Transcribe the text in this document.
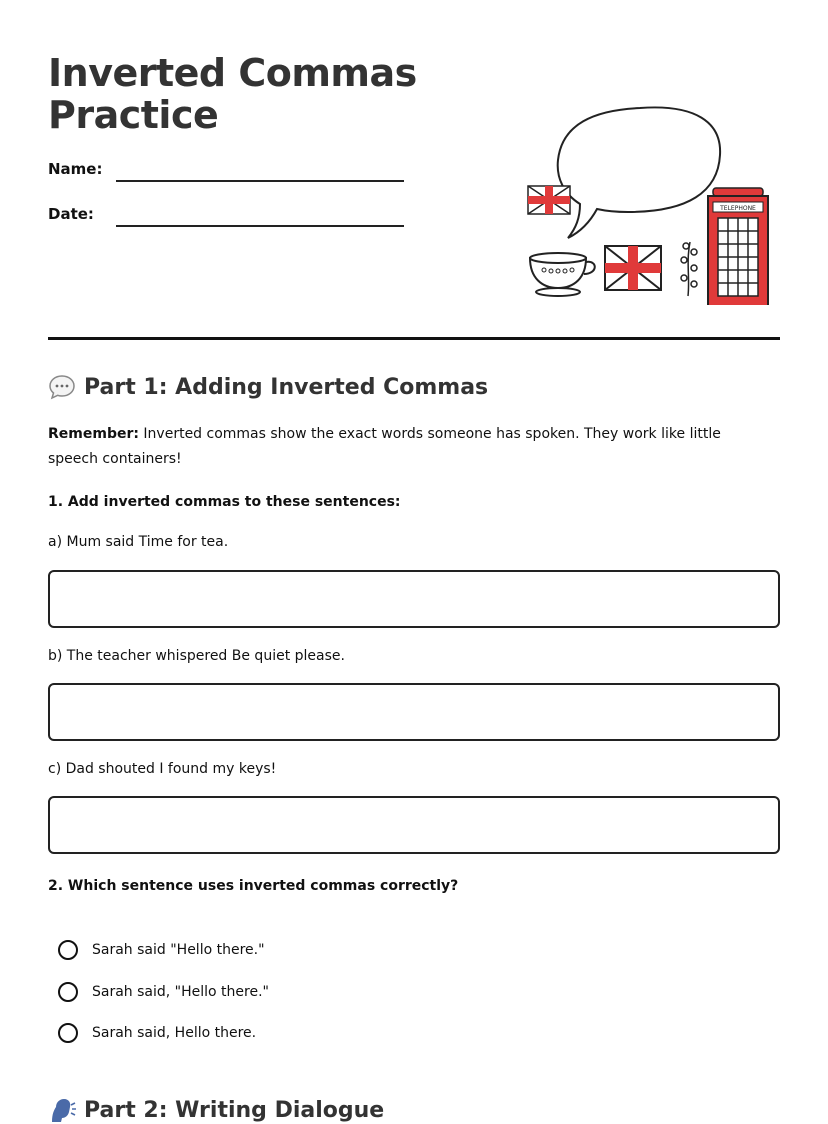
Inverted Commas Practice
Name:
Date:	TELEPHONE
Part 1: Adding Inverted Commas

Remember: Inverted commas show the exact words someone has spoken. They work like little speech containers!

1. Add inverted commas to these sentences:

a) Mum said Time for tea.

b) The teacher whispered Be quiet please.

c) Dad shouted I found my keys!

2. Which sentence uses inverted commas correctly?

Sarah said "Hello there."
Sarah said, "Hello there."
Sarah said, Hello there.
Part 2: Writing Dialogue
